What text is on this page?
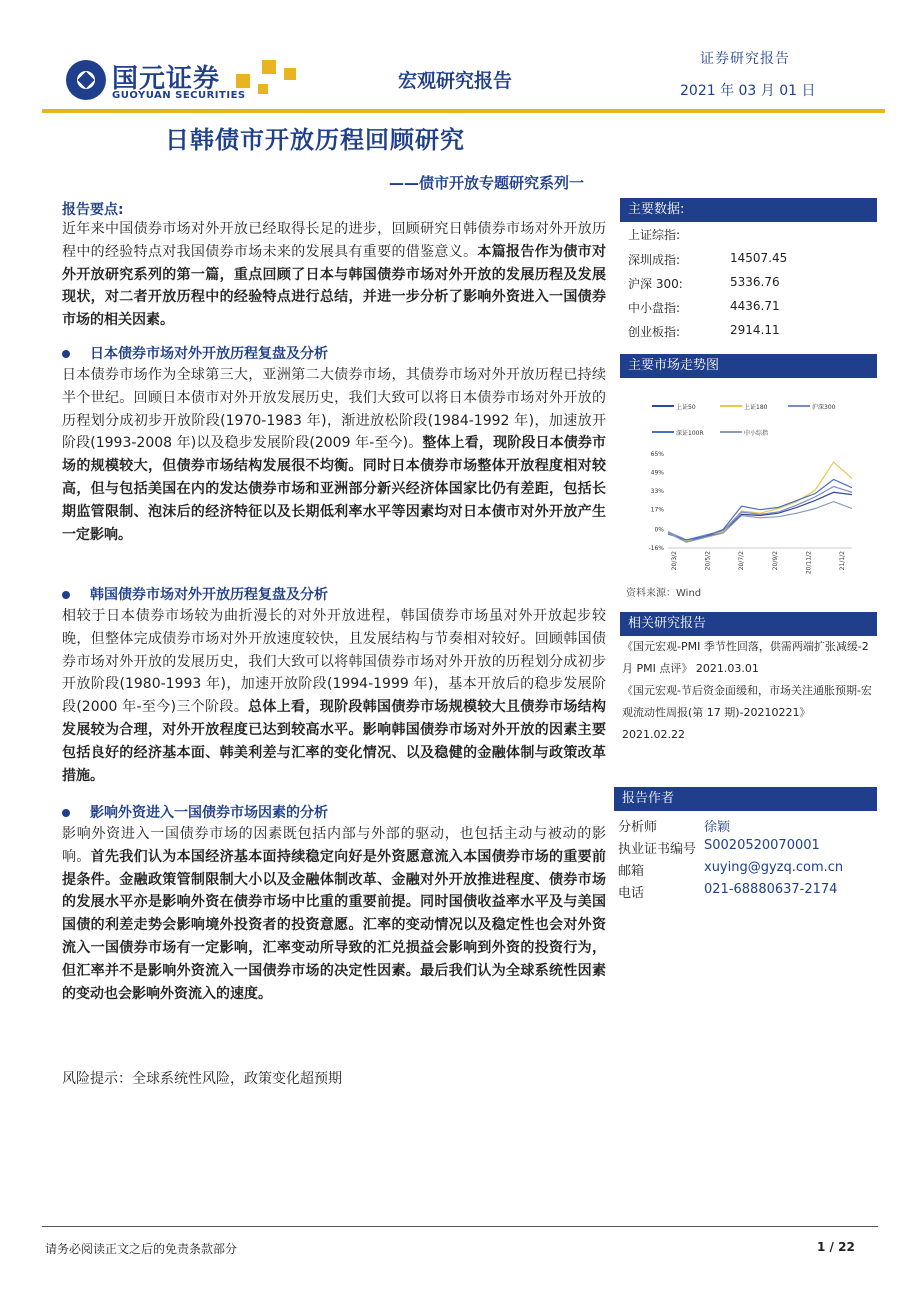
国元证券
GUOYUAN SECURITIES
宏观研究报告
证券研究报告
2021 年 03 月 01 日
日韩债市开放历程回顾研究
——债市开放专题研究系列一
报告要点:
近年来中国债券市场对外开放已经取得长足的进步，回顾研究日韩债券市场对外开放历程中的经验特点对我国债券市场未来的发展具有重要的借鉴意义。本篇报告作为债市对外开放研究系列的第一篇，重点回顾了日本与韩国债券市场对外开放的发展历程及发展现状，对二者开放历程中的经验特点进行总结，并进一步分析了影响外资进入一国债券市场的相关因素。
日本债券市场对外开放历程复盘及分析
日本债券市场作为全球第三大，亚洲第二大债券市场，其债券市场对外开放历程已持续半个世纪。回顾日本债市对外开放发展历史，我们大致可以将日本债券市场对外开放的历程划分成初步开放阶段(1970-1983 年)，渐进放松阶段(1984-1992 年)，加速放开阶段(1993-2008 年)以及稳步发展阶段(2009 年-至今)。整体上看，现阶段日本债券市场的规模较大，但债券市场结构发展很不均衡。同时日本债券市场整体开放程度相对较高，但与包括美国在内的发达债券市场和亚洲部分新兴经济体国家比仍有差距，包括长期监管限制、泡沫后的经济特征以及长期低利率水平等因素均对日本债市对外开放产生一定影响。
韩国债券市场对外开放历程复盘及分析
相较于日本债券市场较为曲折漫长的对外开放进程，韩国债券市场虽对外开放起步较晚，但整体完成债券市场对外开放速度较快，且发展结构与节奏相对较好。回顾韩国债券市场对外开放的发展历史，我们大致可以将韩国债券市场对外开放的历程划分成初步开放阶段(1980-1993 年)，加速开放阶段(1994-1999 年)，基本开放后的稳步发展阶段(2000 年-至今)三个阶段。总体上看，现阶段韩国债券市场规模较大且债券市场结构发展较为合理，对外开放程度已达到较高水平。影响韩国债券市场对外开放的因素主要包括良好的经济基本面、韩美利差与汇率的变化情况、以及稳健的金融体制与政策改革措施。
影响外资进入一国债券市场因素的分析
影响外资进入一国债券市场的因素既包括内部与外部的驱动，也包括主动与被动的影响。首先我们认为本国经济基本面持续稳定向好是外资愿意流入本国债券市场的重要前提条件。金融政策管制限制大小以及金融体制改革、金融对外开放推进程度、债券市场的发展水平亦是影响外资在债券市场中比重的重要前提。同时国债收益率水平及与美国国债的利差走势会影响境外投资者的投资意愿。汇率的变动情况以及稳定性也会对外资流入一国债券市场有一定影响，汇率变动所导致的汇兑损益会影响到外资的投资行为，但汇率并不是影响外资流入一国债券市场的决定性因素。最后我们认为全球系统性因素的变动也会影响外资流入的速度。
风险提示：全球系统性风险，政策变化超预期
主要数据:
上证综指:
深圳成指:	14507.45
沪深 300:	5336.76
中小盘指:	4436.71
创业板指:	2914.11
主要市场走势图
上证50	上证180	沪深300
深证100R	中小综指
65%
49%
33%
17%
0%
-16%
20/3/2	20/5/2	20/7/2	20/9/2	20/11/2	21/1/2
资料来源：Wind
相关研究报告
《国元宏观-PMI 季节性回落，供需两端扩张减缓-2 月 PMI 点评》 2021.03.01
《国元宏观-节后资金面缓和，市场关注通胀预期-宏观流动性周报(第 17 期)-20210221》
2021.02.22
报告作者
分析师	徐颖
执业证书编号 S0020520070001
邮箱	xuying@gyzq.com.cn
电话	021-68880637-2174
请务必阅读正文之后的免责条款部分	1 / 22
